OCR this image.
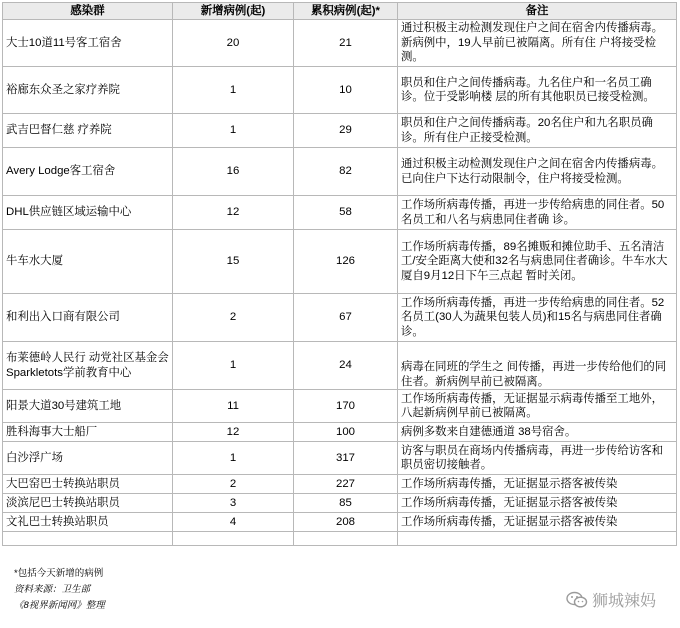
感染群	新增病例(起)	累积病例(起)*	备注
大士10道11号客工宿舍	20	21	通过积极主动检测发现住户之间在宿舍内传播病毒。新病例中，19人早前已被隔离。所有住 户将接受检测。
裕廊东众圣之家疗养院	1	10	职员和住户之间传播病毒。九名住户和一名员工确诊。位于受影响楼 层的所有其他职员已接受检测。
武吉巴督仁慈 疗养院	1	29	职员和住户之间传播病毒。20名住户和九名职员确诊。所有住户正接受检测。
Avery Lodge客工宿舍	16	82	通过积极主动检测发现住户之间在宿舍内传播病毒。已向住户下达行动限制令，住户将接受检测。
DHL供应链区域运输中心	12	58	工作场所病毒传播，再进一步传给病患的同住者。50名员工和八名与病患同住者确 诊。
牛车水大厦	15	126	工作场所病毒传播，89名摊贩和摊位助手、五名清洁工/安全距离大使和32名与病患同住者确诊。牛车水大厦自9月12日下午三点起 暂时关闭。
和利出入口商有限公司	2	67	工作场所病毒传播，再进一步传给病患的同住者。52名员工(30人为蔬果包装人员)和15名与病患同住者确诊。
布莱德岭人民行 动党社区基金会Sparkletots学前教育中心	1	24	病毒在同班的学生之 间传播，再进一步传给他们的同住者。新病例早前已被隔离。
阳景大道30号建筑工地	11	170	工作场所病毒传播，无证据显示病毒传播至工地外，八起新病例早前已被隔离。
胜科海事大士船厂	12	100	病例多数来自建德通道 38号宿舍。
白沙浮广场	1	317	访客与职员在商场内传播病毒，再进一步传给访客和职员密切接触者。
大巴窑巴士转换站职员	2	227	工作场所病毒传播，无证据显示搭客被传染
淡滨尼巴士转换站职员	3	85	工作场所病毒传播，无证据显示搭客被传染
文礼巴士转换站职员	4	208	工作场所病毒传播，无证据显示搭客被传染

*包括今天新增的病例
资料来源：卫生部
《8视界新闻网》整理	狮城辣妈
